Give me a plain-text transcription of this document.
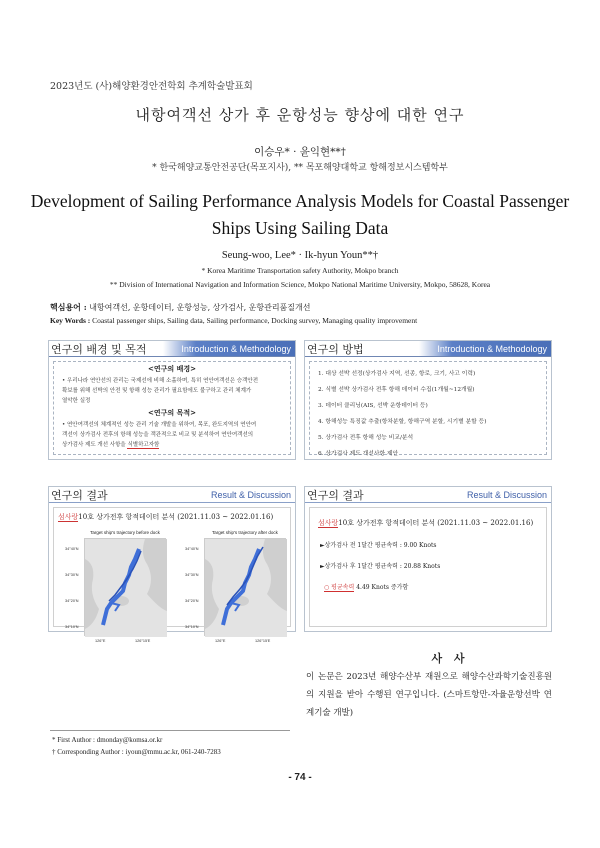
2023년도 (사)해양환경안전학회 추계학술발표회
내항여객선 상가 후 운항성능 향상에 대한 연구
이승우* · 윤익현**†
* 한국해양교통안전공단(목포지사), ** 목포해양대학교 항해정보시스템학부
Development of Sailing Performance Analysis Models for Coastal Passenger
Ships Using Sailing Data
Seung-woo, Lee* · Ik-hyun Youn**†
* Korea Maritime Transportation safety Authority, Mokpo branch
** Division of International Navigation and Information Science, Mokpo National Maritime University, Mokpo, 58628, Korea
핵심용어 : 내항여객선, 운항데이터, 운항성능, 상가검사, 운항관리품질개선
Key Words : Coastal passenger ships, Sailing data, Sailing performance, Docking survey, Managing quality improvement
연구의 배경 및 목적	Introduction & Methodology
<연구의 배경>
• 우리나라 연안선의 관리는 국제선에 비해 소홀하며, 특히 연안여객선은 승객안전
확보를 위해 선박의 안전 및 항해 성능 관리가 필요함에도 불구하고 관리 체계가
열악한 실정
<연구의 목적>
• 연안여객선의 체계적인 성능 관리 기술 개발을 위하여, 목포, 완도지역의 연안여
객선이 상가검사 전후의 항해 성능을 객관적으로 비교 및 분석하여 연안여객선의
상가검사 제도 개선 사항을 식별하고자함
연구의 방법	Introduction & Methodology
1. 대상 선박 선정(상가검사 지역, 선종, 항로, 크기, 사고 이력)
2. 식별 선박 상가검사 전후 항해 데이터 수집(1개월~12개월)
3. 데이터 클리닝(AIS, 선박 운항데이터 등)
4. 항해성능 특징값 추출(항차분할, 항해구역 분할, 시기별 분할 등)
5. 상가검사 전후 항해 성능 비교/분석
6. 상가검사 제도 개선사항 제안
연구의 결과	Result & Discussion
섬사랑10호 상가전후 항적데이터 분석 (2021.11.03 ~ 2022.01.16)
Target ship's trajectory before dock
34°40'N
34°30'N
34°20'N
34°10'N
126°E	126°15'E
Target ship's trajectory after dock
34°40'N
34°30'N
34°20'N
34°10'N
126°E	126°15'E
연구의 결과	Result & Discussion
섬사랑10호 상가전후 항적데이터 분석 (2021.11.03 ~ 2022.01.16)
►상가검사 전 1달간 평균속력 : 9.00 Knots
►상가검사 후 1달간 평균속력 : 20.88 Knots
○ 평균속력 4.49 Knots 증가함
사 사
이 논문은 2023년 해양수산부 재원으로 해양수산과학기술진흥원의 지원을 받아 수행된 연구입니다. (스마트항만-자율운항선박 연계기술 개발)
* First Author : dmonday@komsa.or.kr
† Corresponding Author : iyoun@mmu.ac.kr, 061-240-7283
- 74 -
